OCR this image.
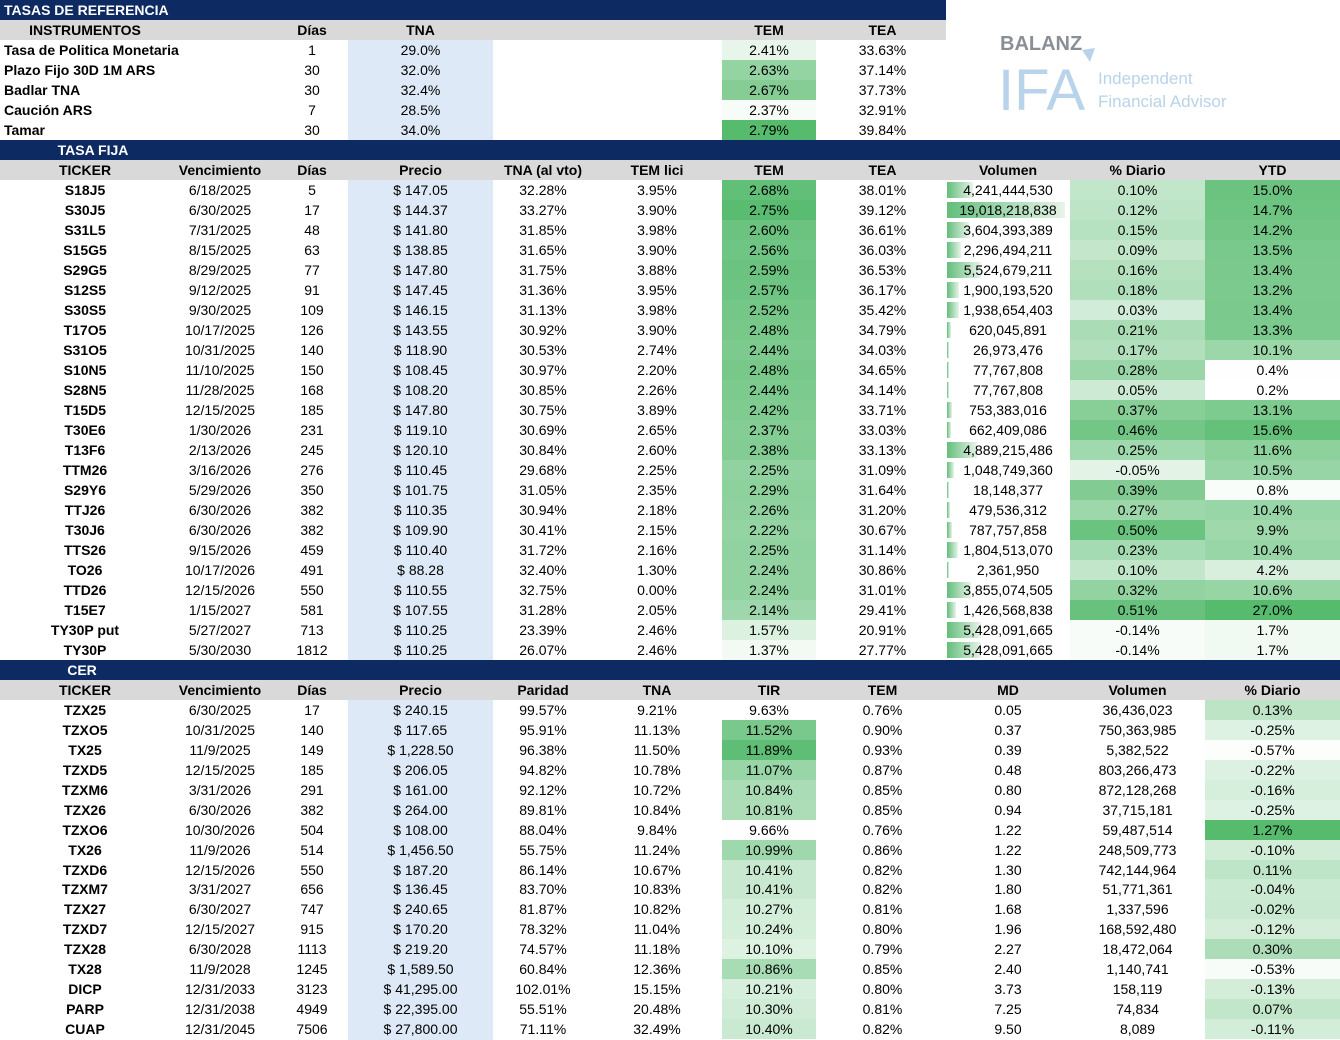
TASAS DE REFERENCIA
INSTRUMENTOS	Días	TNA	TEM	TEA
Tasa de Politica Monetaria	1	29.0%	2.41%	33.63%
Plazo Fijo 30D 1M ARS	30	32.0%	2.63%	37.14%
Badlar TNA	30	32.4%	2.67%	37.73%
Caución ARS	7	28.5%	2.37%	32.91%
Tamar	30	34.0%	2.79%	39.84%
BALANZ
IFA Independent
Financial Advisor
TASA FIJA
TICKER	Vencimiento	Días	Precio	TNA (al vto)	TEM lici	TEM	TEA	Volumen	% Diario	YTD
S18J5	6/18/2025	5	$ 147.05	32.28%	3.95%	2.68%	38.01%	4,241,444,530	0.10%	15.0%
S30J5	6/30/2025	17	$ 144.37	33.27%	3.90%	2.75%	39.12%	19,018,218,838	0.12%	14.7%
S31L5	7/31/2025	48	$ 141.80	31.85%	3.98%	2.60%	36.61%	3,604,393,389	0.15%	14.2%
S15G5	8/15/2025	63	$ 138.85	31.65%	3.90%	2.56%	36.03%	2,296,494,211	0.09%	13.5%
S29G5	8/29/2025	77	$ 147.80	31.75%	3.88%	2.59%	36.53%	5,524,679,211	0.16%	13.4%
S12S5	9/12/2025	91	$ 147.45	31.36%	3.95%	2.57%	36.17%	1,900,193,520	0.18%	13.2%
S30S5	9/30/2025	109	$ 146.15	31.13%	3.98%	2.52%	35.42%	1,938,654,403	0.03%	13.4%
T17O5	10/17/2025	126	$ 143.55	30.92%	3.90%	2.48%	34.79%	620,045,891	0.21%	13.3%
S31O5	10/31/2025	140	$ 118.90	30.53%	2.74%	2.44%	34.03%	26,973,476	0.17%	10.1%
S10N5	11/10/2025	150	$ 108.45	30.97%	2.20%	2.48%	34.65%	77,767,808	0.28%	0.4%
S28N5	11/28/2025	168	$ 108.20	30.85%	2.26%	2.44%	34.14%	77,767,808	0.05%	0.2%
T15D5	12/15/2025	185	$ 147.80	30.75%	3.89%	2.42%	33.71%	753,383,016	0.37%	13.1%
T30E6	1/30/2026	231	$ 119.10	30.69%	2.65%	2.37%	33.03%	662,409,086	0.46%	15.6%
T13F6	2/13/2026	245	$ 120.10	30.84%	2.60%	2.38%	33.13%	4,889,215,486	0.25%	11.6%
TTM26	3/16/2026	276	$ 110.45	29.68%	2.25%	2.25%	31.09%	1,048,749,360	-0.05%	10.5%
S29Y6	5/29/2026	350	$ 101.75	31.05%	2.35%	2.29%	31.64%	18,148,377	0.39%	0.8%
TTJ26	6/30/2026	382	$ 110.35	30.94%	2.18%	2.26%	31.20%	479,536,312	0.27%	10.4%
T30J6	6/30/2026	382	$ 109.90	30.41%	2.15%	2.22%	30.67%	787,757,858	0.50%	9.9%
TTS26	9/15/2026	459	$ 110.40	31.72%	2.16%	2.25%	31.14%	1,804,513,070	0.23%	10.4%
TO26	10/17/2026	491	$ 88.28	32.40%	1.30%	2.24%	30.86%	2,361,950	0.10%	4.2%
TTD26	12/15/2026	550	$ 110.55	32.75%	0.00%	2.24%	31.01%	3,855,074,505	0.32%	10.6%
T15E7	1/15/2027	581	$ 107.55	31.28%	2.05%	2.14%	29.41%	1,426,568,838	0.51%	27.0%
TY30P put	5/27/2027	713	$ 110.25	23.39%	2.46%	1.57%	20.91%	5,428,091,665	-0.14%	1.7%
TY30P	5/30/2030	1812	$ 110.25	26.07%	2.46%	1.37%	27.77%	5,428,091,665	-0.14%	1.7%
CER
TICKER	Vencimiento	Días	Precio	Paridad	TNA	TIR	TEM	MD	Volumen	% Diario
TZX25	6/30/2025	17	$ 240.15	99.57%	9.21%	9.63%	0.76%	0.05	36,436,023	0.13%
TZXO5	10/31/2025	140	$ 117.65	95.91%	11.13%	11.52%	0.90%	0.37	750,363,985	-0.25%
TX25	11/9/2025	149	$ 1,228.50	96.38%	11.50%	11.89%	0.93%	0.39	5,382,522	-0.57%
TZXD5	12/15/2025	185	$ 206.05	94.82%	10.78%	11.07%	0.87%	0.48	803,266,473	-0.22%
TZXM6	3/31/2026	291	$ 161.00	92.12%	10.72%	10.84%	0.85%	0.80	872,128,268	-0.16%
TZX26	6/30/2026	382	$ 264.00	89.81%	10.84%	10.81%	0.85%	0.94	37,715,181	-0.25%
TZXO6	10/30/2026	504	$ 108.00	88.04%	9.84%	9.66%	0.76%	1.22	59,487,514	1.27%
TX26	11/9/2026	514	$ 1,456.50	55.75%	11.24%	10.99%	0.86%	1.22	248,509,773	-0.10%
TZXD6	12/15/2026	550	$ 187.20	86.14%	10.67%	10.41%	0.82%	1.30	742,144,964	0.11%
TZXM7	3/31/2027	656	$ 136.45	83.70%	10.83%	10.41%	0.82%	1.80	51,771,361	-0.04%
TZX27	6/30/2027	747	$ 240.65	81.87%	10.82%	10.27%	0.81%	1.68	1,337,596	-0.02%
TZXD7	12/15/2027	915	$ 170.20	78.32%	11.04%	10.24%	0.80%	1.96	168,592,480	-0.12%
TZX28	6/30/2028	1113	$ 219.20	74.57%	11.18%	10.10%	0.79%	2.27	18,472,064	0.30%
TX28	11/9/2028	1245	$ 1,589.50	60.84%	12.36%	10.86%	0.85%	2.40	1,140,741	-0.53%
DICP	12/31/2033	3123	$ 41,295.00	102.01%	15.15%	10.21%	0.80%	3.73	158,119	-0.13%
PARP	12/31/2038	4949	$ 22,395.00	55.51%	20.48%	10.30%	0.81%	7.25	74,834	0.07%
CUAP	12/31/2045	7506	$ 27,800.00	71.11%	32.49%	10.40%	0.82%	9.50	8,089	-0.11%
